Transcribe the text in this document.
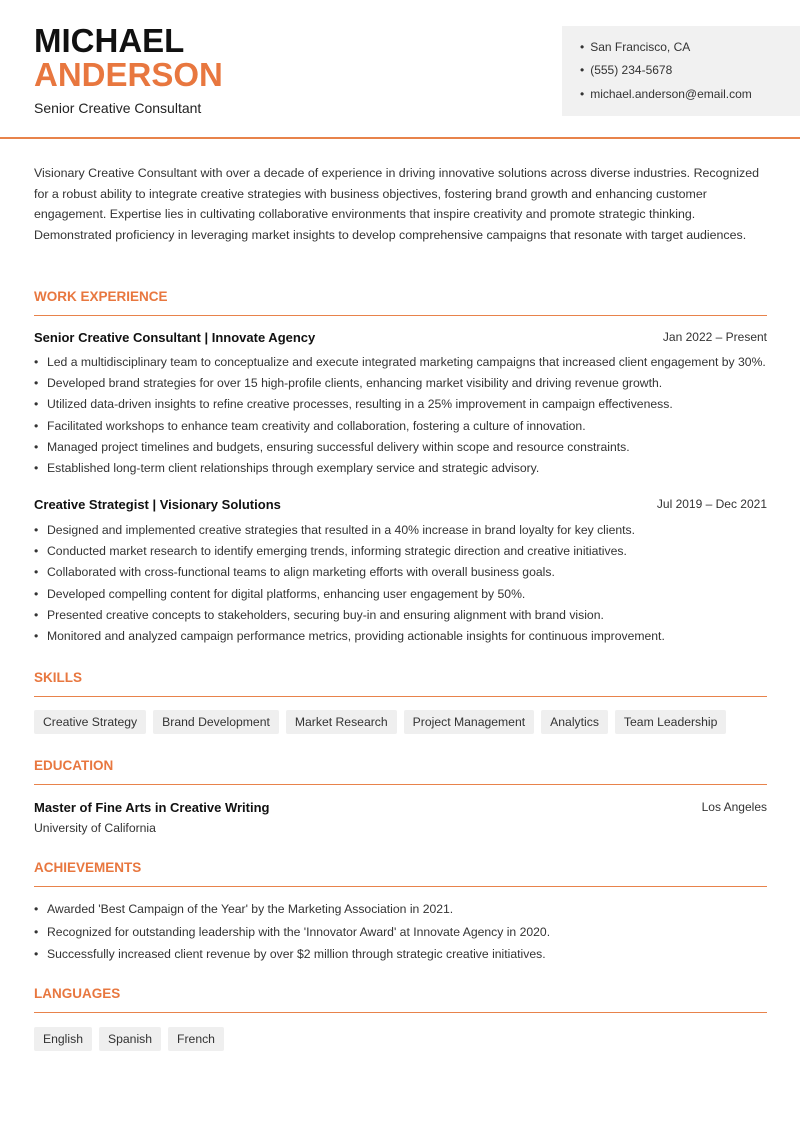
MICHAEL
ANDERSON
Senior Creative Consultant
• San Francisco, CA
• (555) 234-5678
• michael.anderson@email.com
Visionary Creative Consultant with over a decade of experience in driving innovative solutions across diverse industries. Recognized for a robust ability to integrate creative strategies with business objectives, fostering brand growth and enhancing customer engagement. Expertise lies in cultivating collaborative environments that inspire creativity and promote strategic thinking. Demonstrated proficiency in leveraging market insights to develop comprehensive campaigns that resonate with target audiences.
WORK EXPERIENCE
Senior Creative Consultant | Innovate Agency	Jan 2022 – Present
• Led a multidisciplinary team to conceptualize and execute integrated marketing campaigns that increased client engagement by 30%.
• Developed brand strategies for over 15 high-profile clients, enhancing market visibility and driving revenue growth.
• Utilized data-driven insights to refine creative processes, resulting in a 25% improvement in campaign effectiveness.
• Facilitated workshops to enhance team creativity and collaboration, fostering a culture of innovation.
• Managed project timelines and budgets, ensuring successful delivery within scope and resource constraints.
• Established long-term client relationships through exemplary service and strategic advisory.
Creative Strategist | Visionary Solutions	Jul 2019 – Dec 2021
• Designed and implemented creative strategies that resulted in a 40% increase in brand loyalty for key clients.
• Conducted market research to identify emerging trends, informing strategic direction and creative initiatives.
• Collaborated with cross-functional teams to align marketing efforts with overall business goals.
• Developed compelling content for digital platforms, enhancing user engagement by 50%.
• Presented creative concepts to stakeholders, securing buy-in and ensuring alignment with brand vision.
• Monitored and analyzed campaign performance metrics, providing actionable insights for continuous improvement.
SKILLS
Creative Strategy	Brand Development	Market Research	Project Management	Analytics	Team Leadership
EDUCATION
Master of Fine Arts in Creative Writing	Los Angeles
University of California
ACHIEVEMENTS
• Awarded 'Best Campaign of the Year' by the Marketing Association in 2021.
• Recognized for outstanding leadership with the 'Innovator Award' at Innovate Agency in 2020.
• Successfully increased client revenue by over $2 million through strategic creative initiatives.
LANGUAGES
English	Spanish	French
